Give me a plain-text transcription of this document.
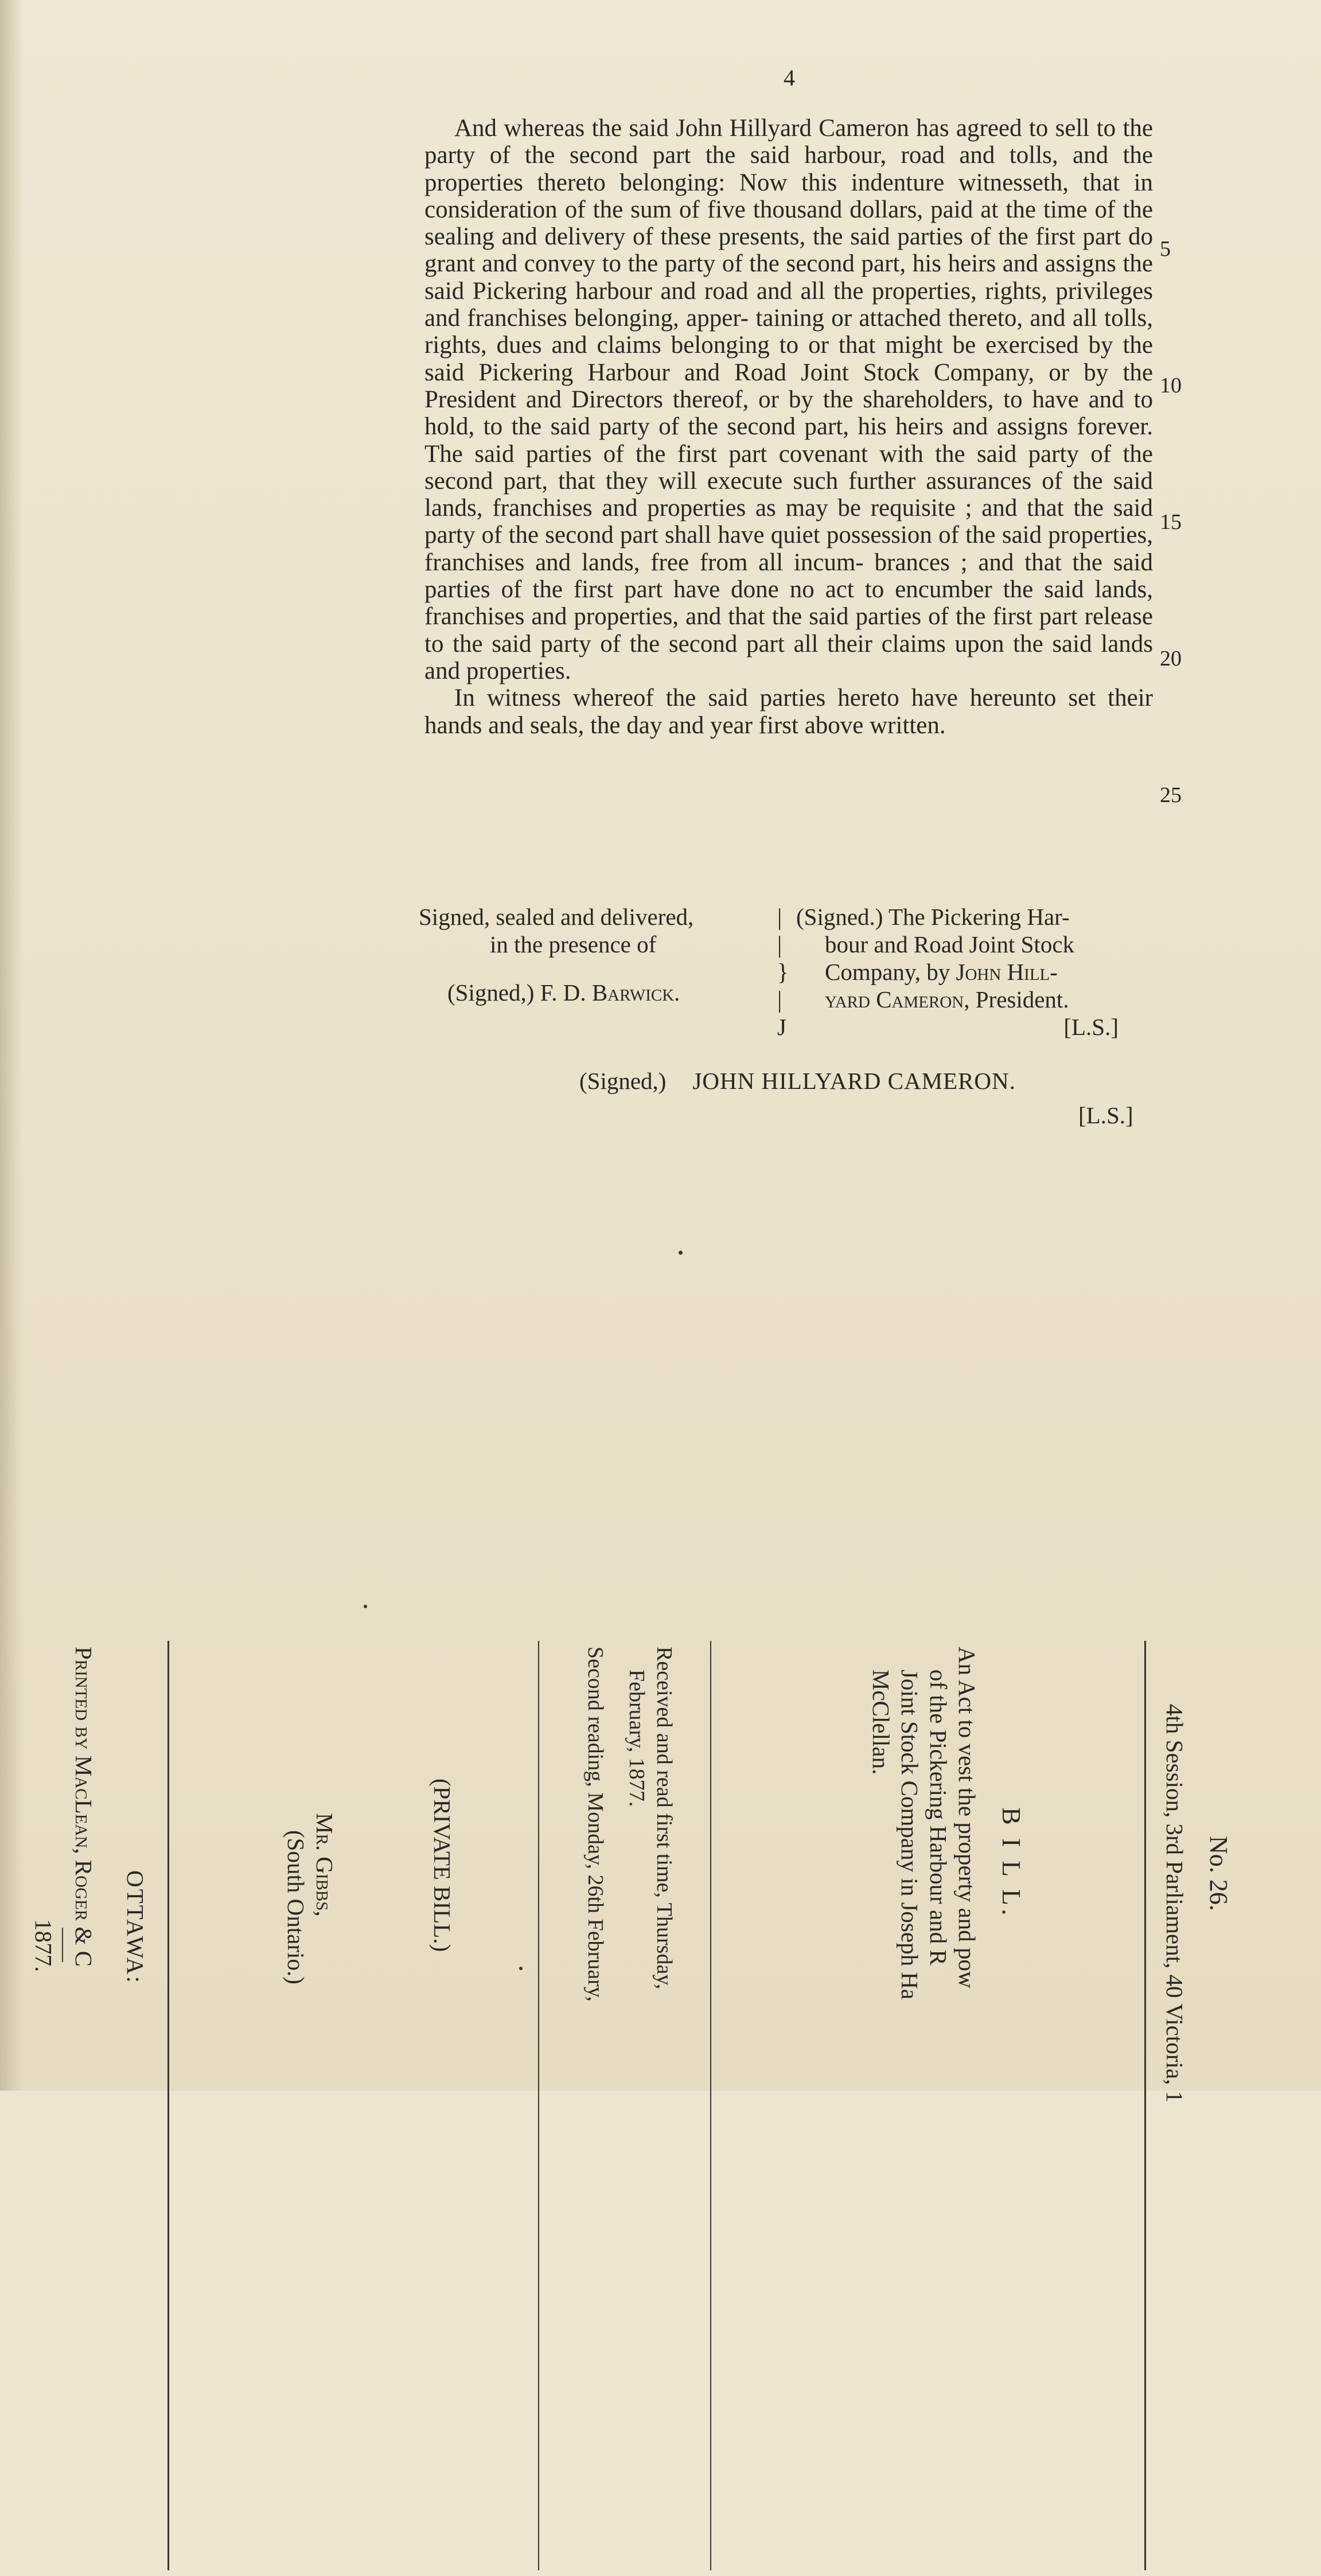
4

And whereas the said John Hillyard Cameron has agreed to sell to the party of the second part the said harbour, road and tolls, and the properties thereto belonging: Now this indenture witnesseth, that in consideration of the sum of five thousand dollars, paid at the time of the sealing and delivery of these presents, the said parties of the first part do grant and convey to the party of the second part, his heirs and assigns the said Pickering harbour and road and all the properties, rights, privileges and franchises belonging, apper- taining or attached thereto, and all tolls, rights, dues and claims belonging to or that might be exercised by the said Pickering Harbour and Road Joint Stock Company, or by the President and Directors thereof, or by the shareholders, to have and to hold, to the said party of the second part, his heirs and assigns forever. The said parties of the first part covenant with the said party of the second part, that they will execute such further assurances of the said lands, franchises and properties as may be requisite ; and that the said party of the second part shall have quiet possession of the said properties, franchises and lands, free from all incum- brances ; and that the said parties of the first part have done no act to encumber the said lands, franchises and properties, and that the said parties of the first part release to the said party of the second part all their claims upon the said lands and properties.

In witness whereof the said parties hereto have hereunto set their hands and seals, the day and year first above written.

5
10
15
20
25
Signed, sealed and delivered,
in the presence of
(Signed,) F. D. Barwick.
|
|
}
|
J
(Signed.) The Pickering Har-
bour and Road Joint Stock
Company, by John Hill-
yard Cameron, President.
[L.S.]
(Signed,) JOHN HILLYARD CAMERON.
[L.S.]
4th Session, 3rd Parliament, 40 Victoria, 1 No. 26.
B I L L.
An Act to vest the property and pow
of the Pickering Harbour and R
Joint Stock Company in Joseph Ha
McClellan.
Received and read first time, Thursday,
February, 1877.
Second reading, Monday, 26th February,
(PRIVATE BILL.)
Mr. Gibbs,
(South Ontario.)
OTTAWA:
Printed by MacLean, Roger & C
1877.
